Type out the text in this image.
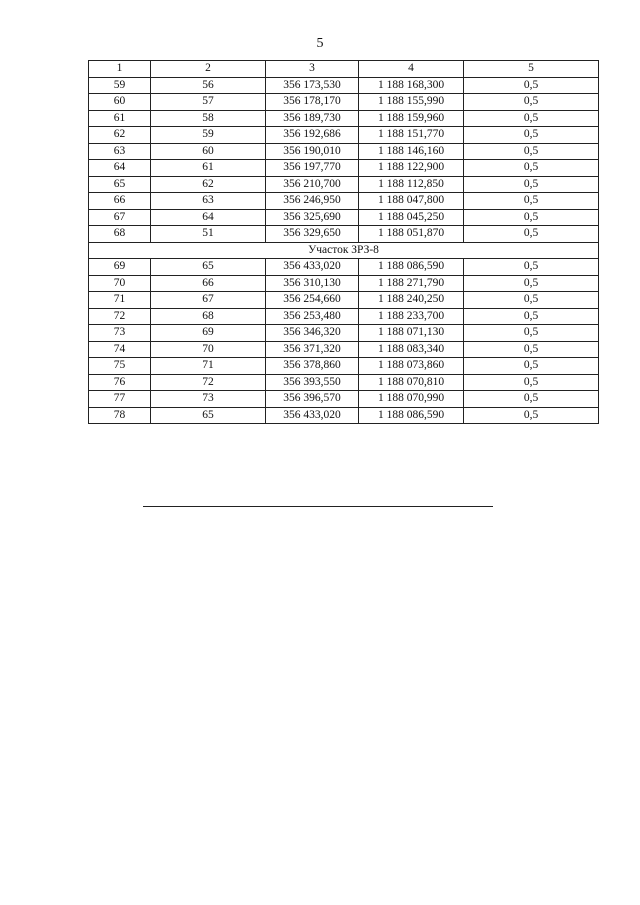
5
1	2	3	4	5
59	56	356 173,530	1 188 168,300	0,5
60	57	356 178,170	1 188 155,990	0,5
61	58	356 189,730	1 188 159,960	0,5
62	59	356 192,686	1 188 151,770	0,5
63	60	356 190,010	1 188 146,160	0,5
64	61	356 197,770	1 188 122,900	0,5
65	62	356 210,700	1 188 112,850	0,5
66	63	356 246,950	1 188 047,800	0,5
67	64	356 325,690	1 188 045,250	0,5
68	51	356 329,650	1 188 051,870	0,5
Участок ЗРЗ-8				
69	65	356 433,020	1 188 086,590	0,5
70	66	356 310,130	1 188 271,790	0,5
71	67	356 254,660	1 188 240,250	0,5
72	68	356 253,480	1 188 233,700	0,5
73	69	356 346,320	1 188 071,130	0,5
74	70	356 371,320	1 188 083,340	0,5
75	71	356 378,860	1 188 073,860	0,5
76	72	356 393,550	1 188 070,810	0,5
77	73	356 396,570	1 188 070,990	0,5
78	65	356 433,020	1 188 086,590	0,5
